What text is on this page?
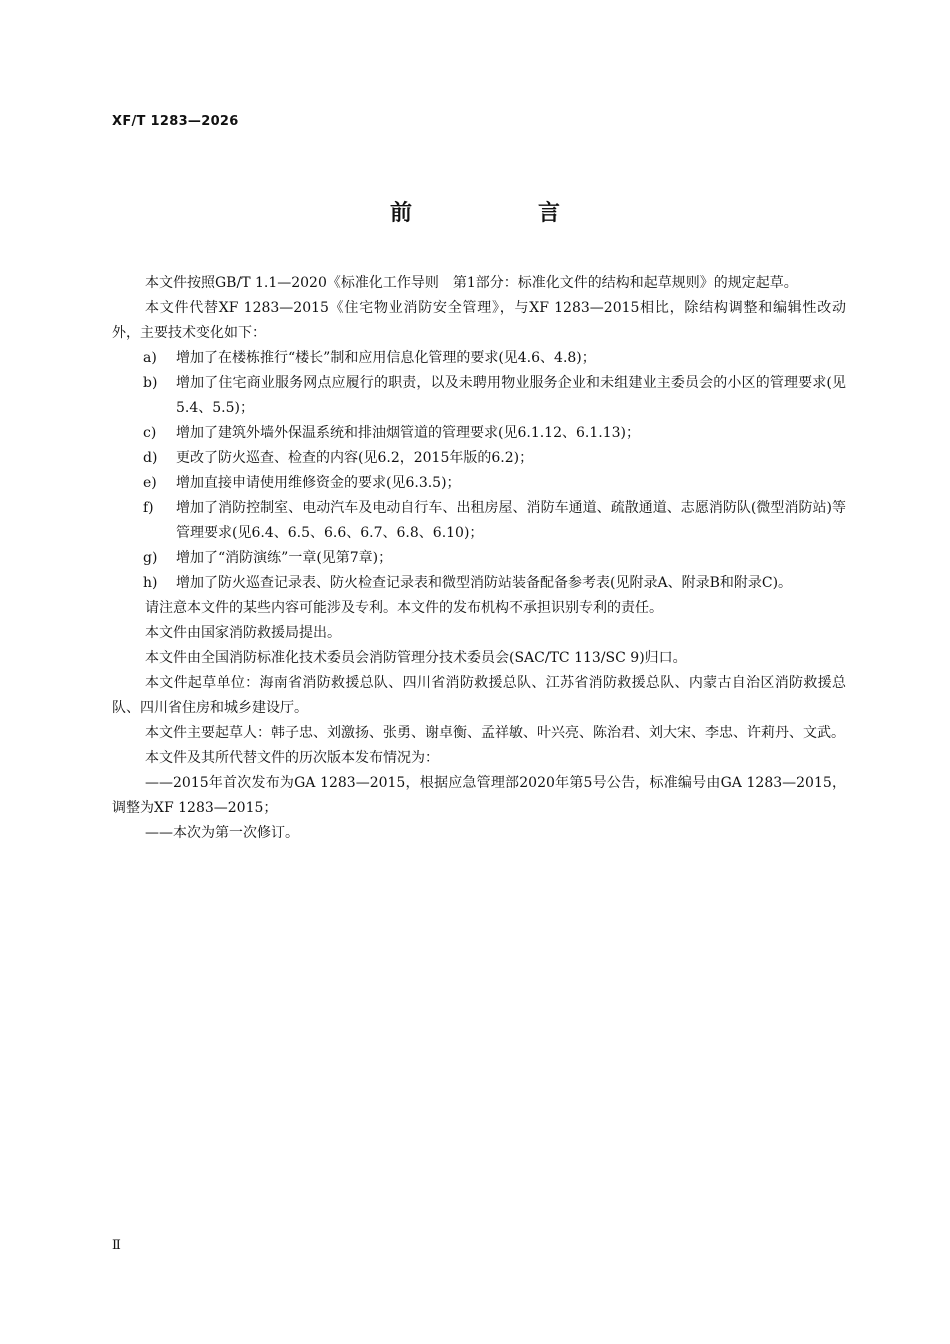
XF/T 1283—2026
前　言

本文件按照GB/T 1.1—2020《标准化工作导则　第1部分：标准化文件的结构和起草规则》的规定起草。

本文件代替XF 1283—2015《住宅物业消防安全管理》，与XF 1283—2015相比，除结构调整和编辑性改动外，主要技术变化如下：

a) 增加了在楼栋推行“楼长”制和应用信息化管理的要求(见4.6、4.8)；
b) 增加了住宅商业服务网点应履行的职责，以及未聘用物业服务企业和未组建业主委员会的小区的管理要求(见5.4、5.5)；
c) 增加了建筑外墙外保温系统和排油烟管道的管理要求(见6.1.12、6.1.13)；
d) 更改了防火巡查、检查的内容(见6.2，2015年版的6.2)；
e) 增加直接申请使用维修资金的要求(见6.3.5)；
f) 增加了消防控制室、电动汽车及电动自行车、出租房屋、消防车通道、疏散通道、志愿消防队(微型消防站)等管理要求(见6.4、6.5、6.6、6.7、6.8、6.10)；
g) 增加了“消防演练”一章(见第7章)；
h) 增加了防火巡查记录表、防火检查记录表和微型消防站装备配备参考表(见附录A、附录B和附录C)。

请注意本文件的某些内容可能涉及专利。本文件的发布机构不承担识别专利的责任。

本文件由国家消防救援局提出。

本文件由全国消防标准化技术委员会消防管理分技术委员会(SAC/TC 113/SC 9)归口。

本文件起草单位：海南省消防救援总队、四川省消防救援总队、江苏省消防救援总队、内蒙古自治区消防救援总队、四川省住房和城乡建设厅。

本文件主要起草人：韩子忠、刘激扬、张勇、谢卓衡、孟祥敏、叶兴亮、陈治君、刘大宋、李忠、许莉丹、文武。

本文件及其所代替文件的历次版本发布情况为：

——2015年首次发布为GA 1283—2015，根据应急管理部2020年第5号公告，标准编号由GA 1283—2015，调整为XF 1283—2015；

——本次为第一次修订。

Ⅱ
